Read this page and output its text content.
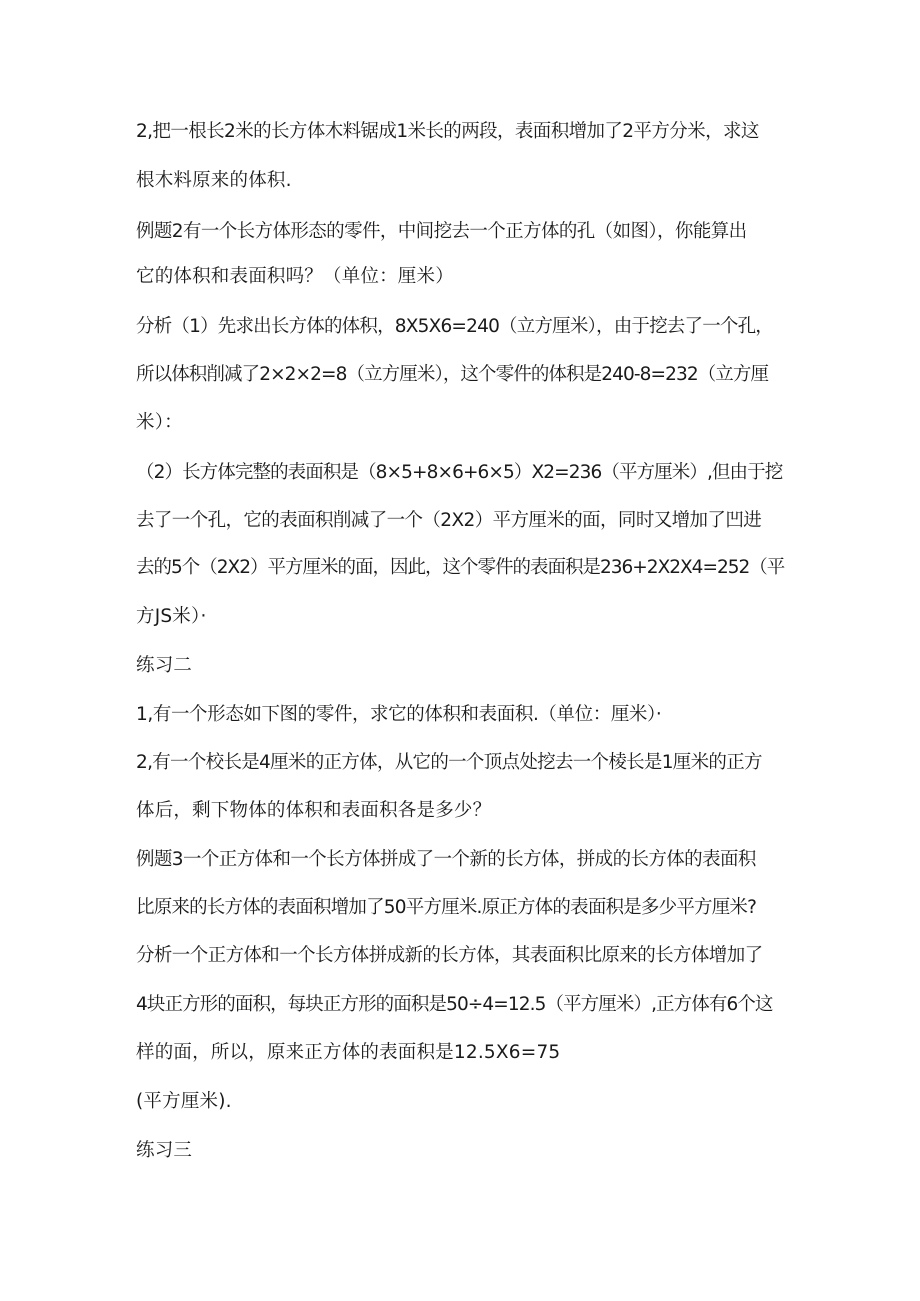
2,把一根长2米的长方体木料锯成1米长的两段，表面积增加了2平方分米，求这
根木料原来的体积.
例题2有一个长方体形态的零件，中间挖去一个正方体的孔（如图），你能算出
它的体积和表面积吗？（单位：厘米）
分析（1）先求出长方体的体积，8X5X6=240（立方厘米），由于挖去了一个孔，
所以体积削减了2×2×2=8（立方厘米），这个零件的体积是240-8=232（立方厘
米）：
（2）长方体完整的表面积是（8×5+8×6+6×5）X2=236（平方厘米）,但由于挖
去了一个孔，它的表面积削减了一个（2X2）平方厘米的面，同时又增加了凹进
去的5个（2X2）平方厘米的面，因此，这个零件的表面积是236+2X2X4=252（平
方JS米）·
练习二
1,有一个形态如下图的零件，求它的体积和表面积.（单位：厘米）·
2,有一个校长是4厘米的正方体，从它的一个顶点处挖去一个棱长是1厘米的正方
体后，剩下物体的体积和表面积各是多少？
例题3一个正方体和一个长方体拼成了一个新的长方体，拼成的长方体的表面积
比原来的长方体的表面积增加了50平方厘米.原正方体的表面积是多少平方厘米?
分析一个正方体和一个长方体拼成新的长方体，其表面积比原来的长方体增加了
4块正方形的面积，每块正方形的面积是50÷4=12.5（平方厘米）,正方体有6个这
样的面，所以，原来正方体的表面积是12.5X6=75
(平方厘米).
练习三
